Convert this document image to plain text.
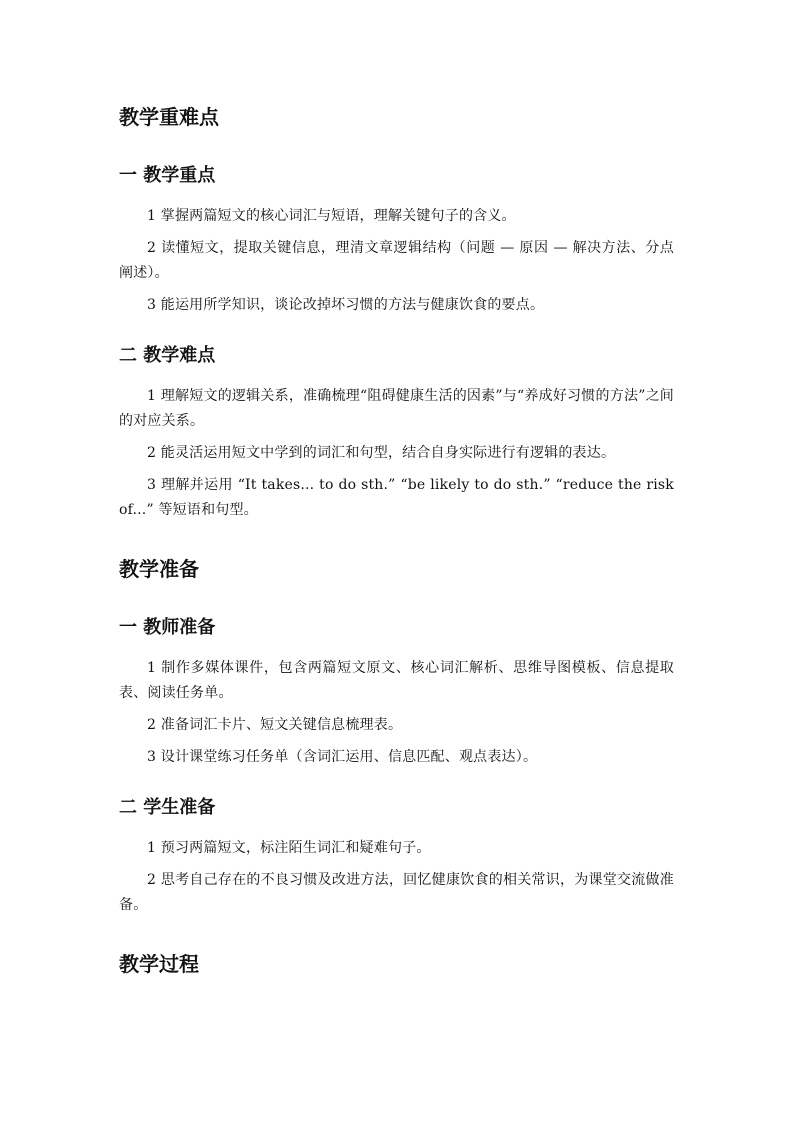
教学重难点
一 教学重点

1 掌握两篇短文的核心词汇与短语，理解关键句子的含义。

2 读懂短文，提取关键信息，理清文章逻辑结构（问题 — 原因 — 解决方法、分点阐述）。

3 能运用所学知识，谈论改掉坏习惯的方法与健康饮食的要点。

二 教学难点

1 理解短文的逻辑关系，准确梳理“阻碍健康生活的因素”与“养成好习惯的方法”之间的对应关系。

2 能灵活运用短文中学到的词汇和句型，结合自身实际进行有逻辑的表达。

3 理解并运用 “It takes... to do sth.” “be likely to do sth.” “reduce the risk of...” 等短语和句型。

教学准备
一 教师准备

1 制作多媒体课件，包含两篇短文原文、核心词汇解析、思维导图模板、信息提取表、阅读任务单。

2 准备词汇卡片、短文关键信息梳理表。

3 设计课堂练习任务单（含词汇运用、信息匹配、观点表达）。

二 学生准备

1 预习两篇短文，标注陌生词汇和疑难句子。

2 思考自己存在的不良习惯及改进方法，回忆健康饮食的相关常识，为课堂交流做准备。

教学过程
